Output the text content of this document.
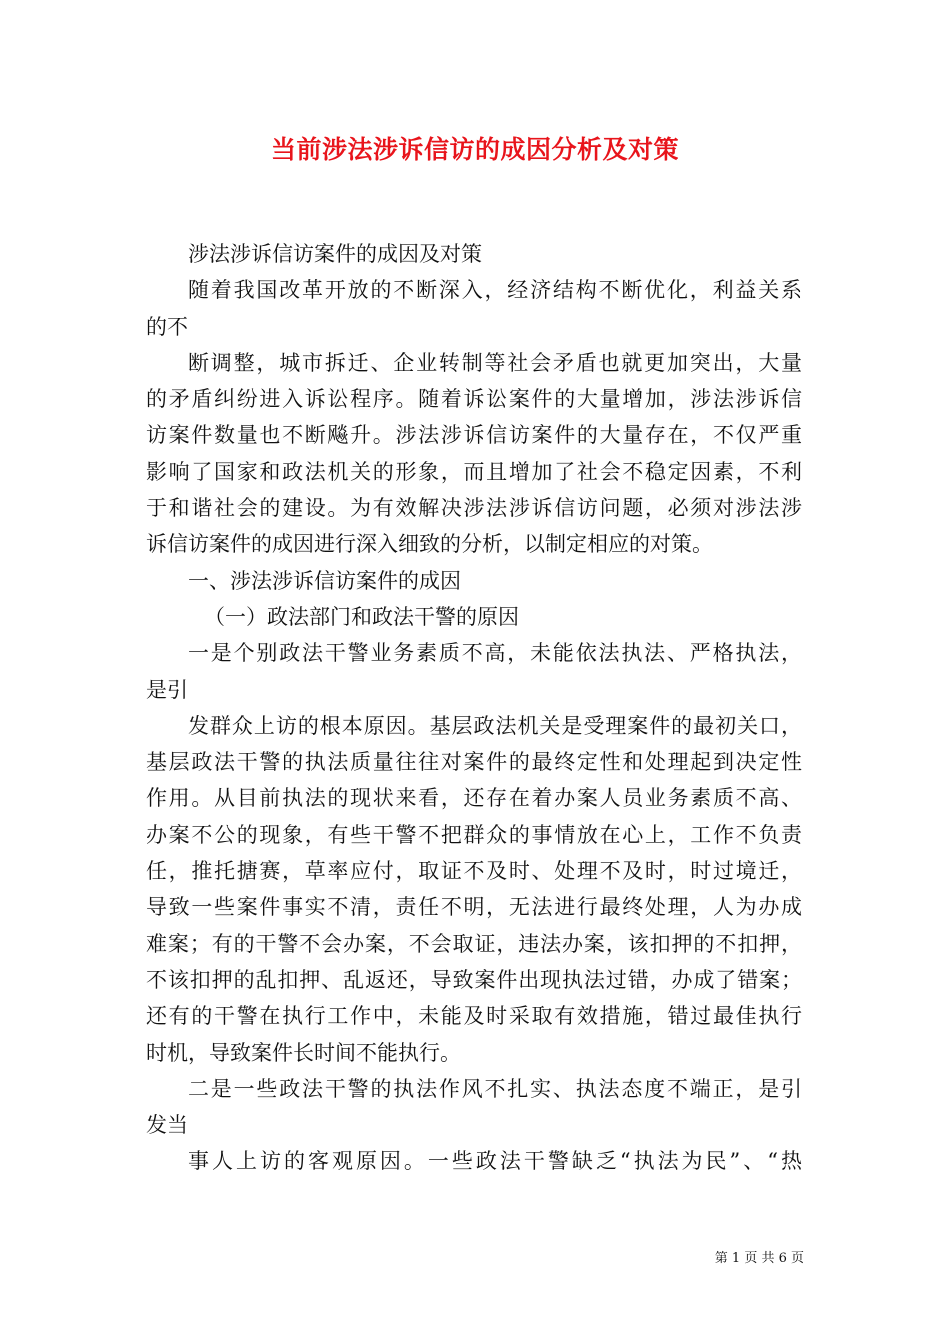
当前涉法涉诉信访的成因分析及对策
涉法涉诉信访案件的成因及对策
随着我国改革开放的不断深入，经济结构不断优化，利益关系
的不
断调整，城市拆迁、企业转制等社会矛盾也就更加突出，大量
的矛盾纠纷进入诉讼程序。随着诉讼案件的大量增加，涉法涉诉信
访案件数量也不断飚升。涉法涉诉信访案件的大量存在，不仅严重
影响了国家和政法机关的形象，而且增加了社会不稳定因素，不利
于和谐社会的建设。为有效解决涉法涉诉信访问题，必须对涉法涉
诉信访案件的成因进行深入细致的分析，以制定相应的对策。
一、涉法涉诉信访案件的成因
（一）政法部门和政法干警的原因
一是个别政法干警业务素质不高，未能依法执法、严格执法，
是引
发群众上访的根本原因。基层政法机关是受理案件的最初关口，
基层政法干警的执法质量往往对案件的最终定性和处理起到决定性
作用。从目前执法的现状来看，还存在着办案人员业务素质不高、
办案不公的现象，有些干警不把群众的事情放在心上，工作不负责
任，推托搪赛，草率应付，取证不及时、处理不及时，时过境迁，
导致一些案件事实不清，责任不明，无法进行最终处理，人为办成
难案；有的干警不会办案，不会取证，违法办案，该扣押的不扣押，
不该扣押的乱扣押、乱返还，导致案件出现执法过错，办成了错案；
还有的干警在执行工作中，未能及时采取有效措施，错过最佳执行
时机，导致案件长时间不能执行。
二是一些政法干警的执法作风不扎实、执法态度不端正，是引
发当
事人上访的客观原因。一些政法干警缺乏“执法为民”、“热
第 1 页 共 6 页
